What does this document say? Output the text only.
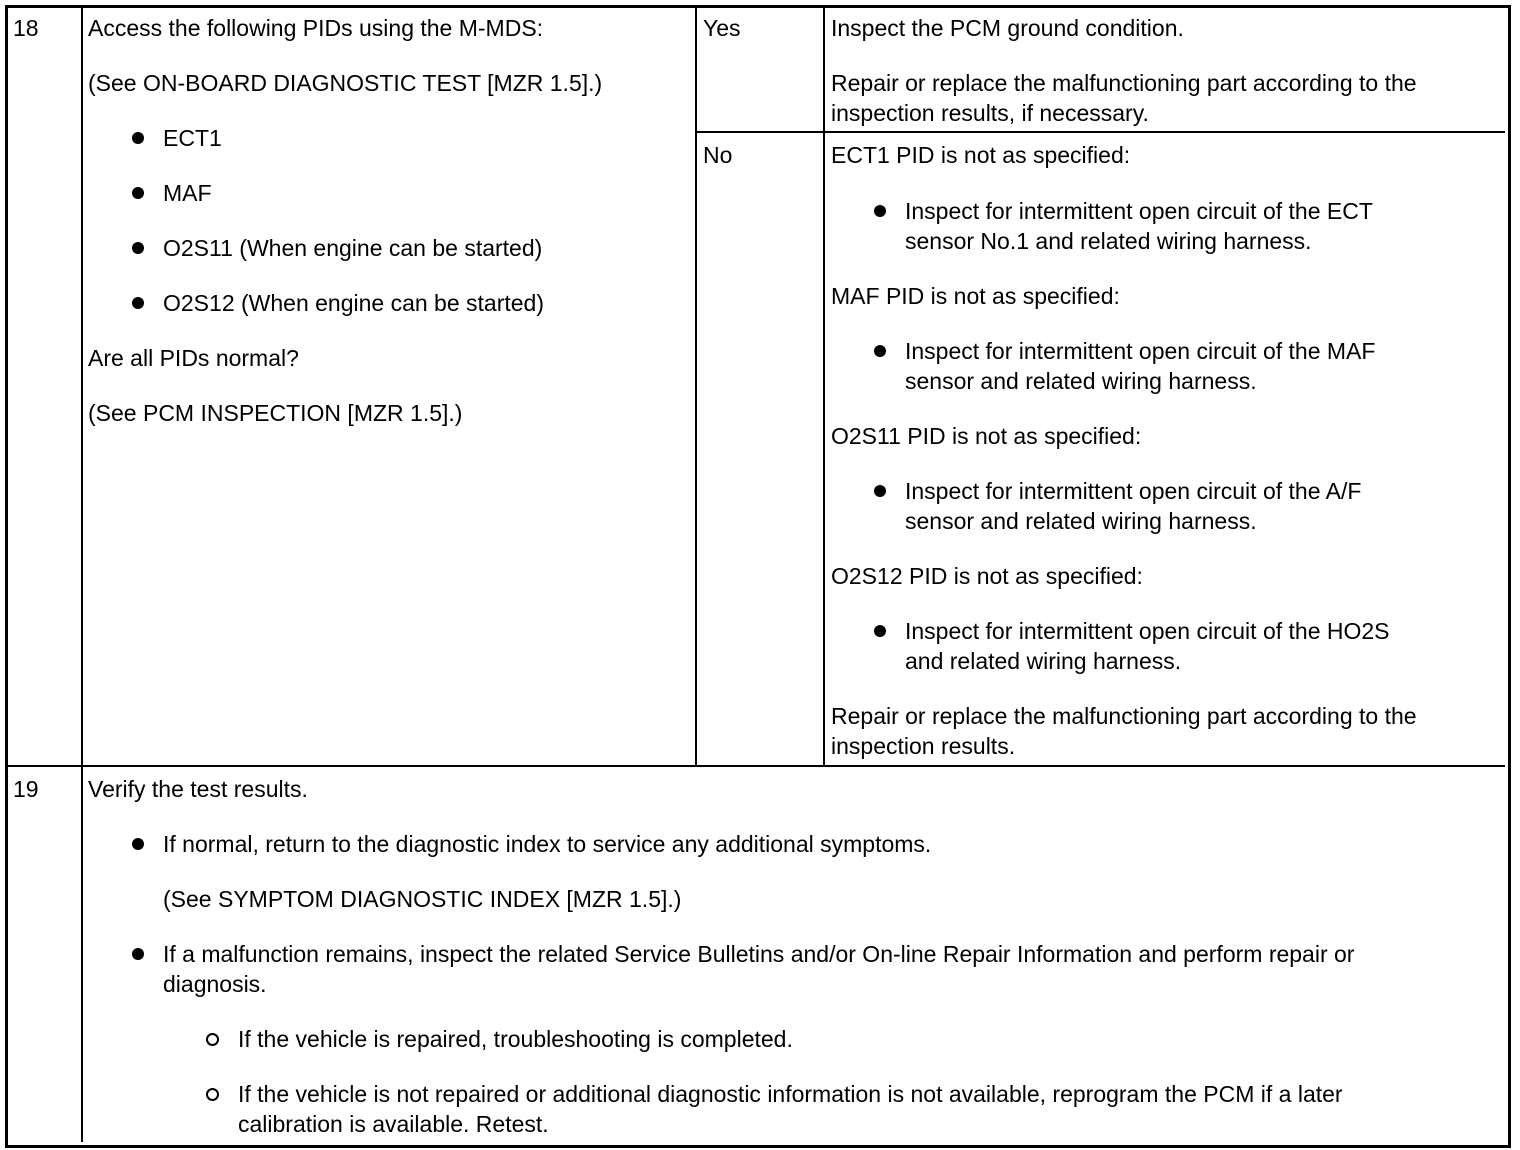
18 Access the following PIDs using the M-MDS:
(See ON-BOARD DIAGNOSTIC TEST [MZR 1.5].)
ECT1
MAF
O2S11 (When engine can be started)
O2S12 (When engine can be started)
Are all PIDs normal?
(See PCM INSPECTION [MZR 1.5].)
Yes	Inspect the PCM ground condition.
Repair or replace the malfunctioning part according to the
inspection results, if necessary.
No	ECT1 PID is not as specified:
Inspect for intermittent open circuit of the ECT
sensor No.1 and related wiring harness.
MAF PID is not as specified:
Inspect for intermittent open circuit of the MAF
sensor and related wiring harness.
O2S11 PID is not as specified:
Inspect for intermittent open circuit of the A/F
sensor and related wiring harness.
O2S12 PID is not as specified:
Inspect for intermittent open circuit of the HO2S
and related wiring harness.
Repair or replace the malfunctioning part according to the
inspection results.
19 Verify the test results.
If normal, return to the diagnostic index to service any additional symptoms.
(See SYMPTOM DIAGNOSTIC INDEX [MZR 1.5].)
If a malfunction remains, inspect the related Service Bulletins and/or On-line Repair Information and perform repair or
diagnosis.
If the vehicle is repaired, troubleshooting is completed.
If the vehicle is not repaired or additional diagnostic information is not available, reprogram the PCM if a later
calibration is available. Retest.
